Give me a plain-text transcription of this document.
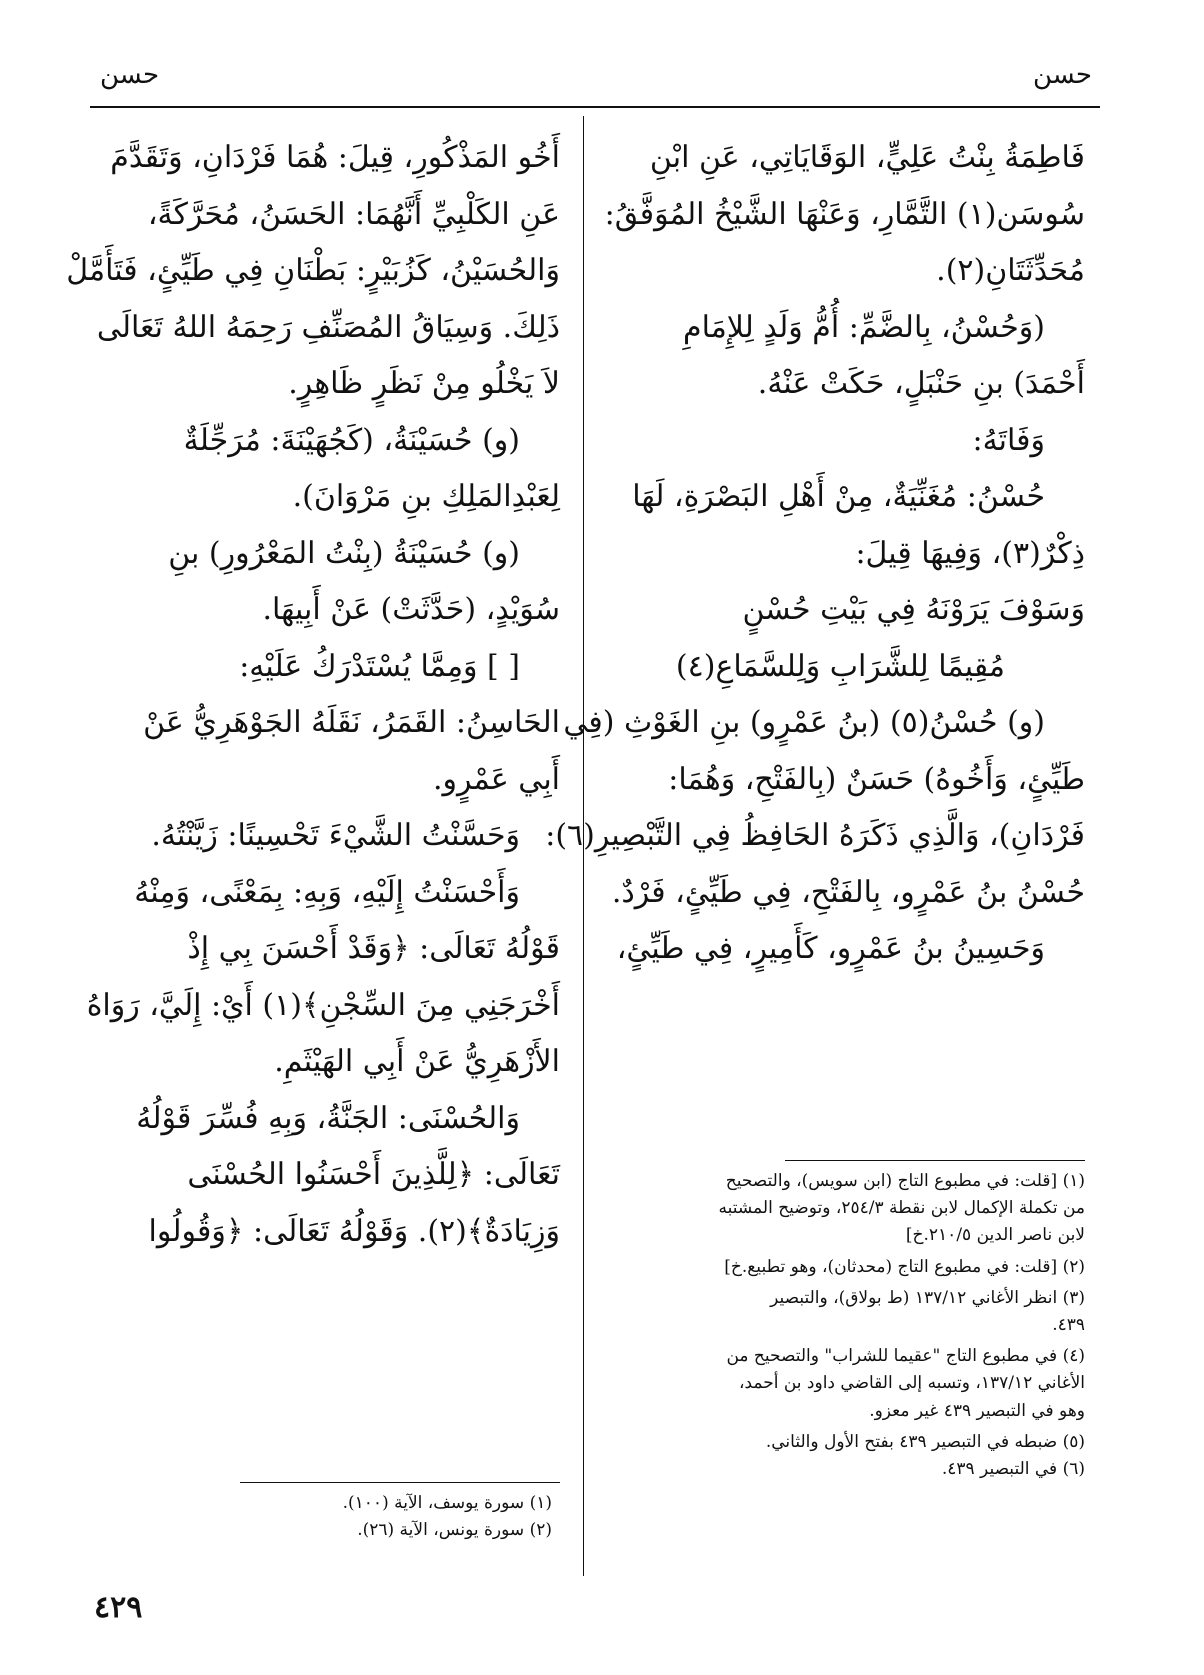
حسن	حسن
فَاطِمَةُ بِنْتُ عَلِيٍّ، الوَقَايَاتِي، عَنِ ابْنِ
سُوسَن(١) التَّمَّارِ، وَعَنْهَا الشَّيْخُ المُوَفَّقُ:
مُحَدِّثَتَانِ(٢).
(وَحُسْنُ، بِالضَّمِّ: أُمُّ وَلَدٍ لِلإِمَامِ
أَحْمَدَ) بنِ حَنْبَلٍ، حَكَتْ عَنْهُ.
وَفَاتَهُ:
حُسْنُ: مُغَنِّيَةٌ، مِنْ أَهْلِ البَصْرَةِ، لَهَا
ذِكْرٌ(٣)، وَفِيهَا قِيلَ:
وَسَوْفَ يَرَوْنَهُ فِي بَيْتِ حُسْنٍ
مُقِيمًا لِلشَّرَابِ وَلِلسَّمَاعِ(٤)
(و) حُسْنُ(٥) (بنُ عَمْرٍو) بنِ الغَوْثِ (فِي
طَيِّئٍ، وَأَخُوهُ) حَسَنٌ (بِالفَتْحِ، وَهُمَا:
فَرْدَانِ)، وَالَّذِي ذَكَرَهُ الحَافِظُ فِي التَّبْصِيرِ(٦):
حُسْنُ بنُ عَمْرٍو، بِالفَتْحِ، فِي طَيِّئٍ، فَرْدٌ.
وَحَسِينُ بنُ عَمْرٍو، كَأَمِيرٍ، فِي طَيِّئٍ،
(١) [قلت: في مطبوع التاج (ابن سويس)، والتصحيح
من تكملة الإكمال لابن نقطة ٢٥٤/٣، وتوضيح المشتبه
لابن ناصر الدين ٢١٠/٥.خ]
(٢) [قلت: في مطبوع التاج (محدثان)، وهو تطبيع.خ]
(٣) انظر الأغاني ١٣٧/١٢ (ط بولاق)، والتبصير
٤٣٩.
(٤) في مطبوع التاج "عقيما للشراب" والتصحيح من
الأغاني ١٣٧/١٢، وتسبه إلى القاضي داود بن أحمد،
وهو في التبصير ٤٣٩ غير معزو.
(٥) ضبطه في التبصير ٤٣٩ بفتح الأول والثاني.
(٦) في التبصير ٤٣٩.
أَخُو المَذْكُورِ، قِيلَ: هُمَا فَرْدَانِ، وَتَقَدَّمَ
عَنِ الكَلْبِيِّ أَنَّهُمَا: الحَسَنُ، مُحَرَّكَةً،
وَالحُسَيْنُ، كَزُبَيْرٍ: بَطْنَانِ فِي طَيِّئٍ، فَتَأَمَّلْ
ذَلِكَ. وَسِيَاقُ المُصَنِّفِ رَحِمَهُ اللهُ تَعَالَى
لاَ يَخْلُو مِنْ نَظَرٍ ظَاهِرٍ.
(و) حُسَيْنَةُ، (كَجُهَيْنَةَ: مُرَجِّلَةٌ
لِعَبْدِالمَلِكِ بنِ مَرْوَانَ).
(و) حُسَيْنَةُ (بِنْتُ المَعْرُورِ) بنِ
سُوَيْدٍ، (حَدَّثَتْ) عَنْ أَبِيهَا.
[ ] وَمِمَّا يُسْتَدْرَكُ عَلَيْهِ:
الحَاسِنُ: القَمَرُ، نَقَلَهُ الجَوْهَرِيُّ عَنْ
أَبِي عَمْرٍو.
وَحَسَّنْتُ الشَّيْءَ تَحْسِينًا: زَيَّنْتُهُ.
وَأَحْسَنْتُ إِلَيْهِ، وَبِهِ: بِمَعْنًى، وَمِنْهُ
قَوْلُهُ تَعَالَى: ﴿وَقَدْ أَحْسَنَ بِي إِذْ
أَخْرَجَنِي مِنَ السِّجْنِ﴾(١) أَيْ: إِلَيَّ، رَوَاهُ
الأَزْهَرِيُّ عَنْ أَبِي الهَيْثَمِ.
وَالحُسْنَى: الجَنَّةُ، وَبِهِ فُسِّرَ قَوْلُهُ
تَعَالَى: ﴿لِلَّذِينَ أَحْسَنُوا الحُسْنَى
وَزِيَادَةٌ﴾(٢). وَقَوْلُهُ تَعَالَى: ﴿وَقُولُوا
(١) سورة يوسف، الآية (١٠٠).
(٢) سورة يونس، الآية (٢٦).
٤٢٩
